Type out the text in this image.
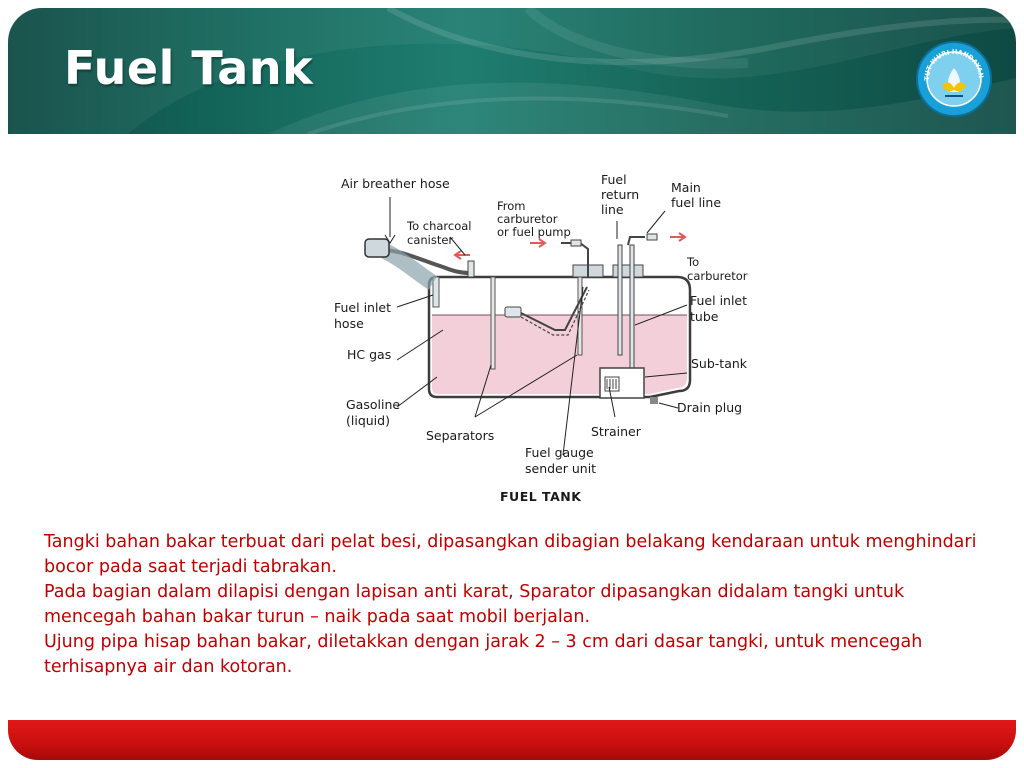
Fuel Tank	TUT WURI HANDAYAN
Air breather hose
To charcoal
canister
From
carburetor
or fuel pump
Fuel
return
line
Main
fuel line
To
carburetor
Fuel inlet
hose
HC gas
Fuel inlet
tube
Sub-tank
Gasoline
(liquid)
Drain plug
Separators	Strainer
Fuel gauge
sender unit
FUEL TANK

Tangki bahan bakar terbuat dari pelat besi, dipasangkan dibagian belakang kendaraan untuk menghindari bocor pada saat terjadi tabrakan.

Pada bagian dalam dilapisi dengan lapisan anti karat, Sparator dipasangkan didalam tangki untuk mencegah bahan bakar turun – naik pada saat mobil berjalan.

Ujung pipa hisap bahan bakar, diletakkan dengan jarak 2 – 3 cm dari dasar tangki, untuk mencegah terhisapnya air dan kotoran.
